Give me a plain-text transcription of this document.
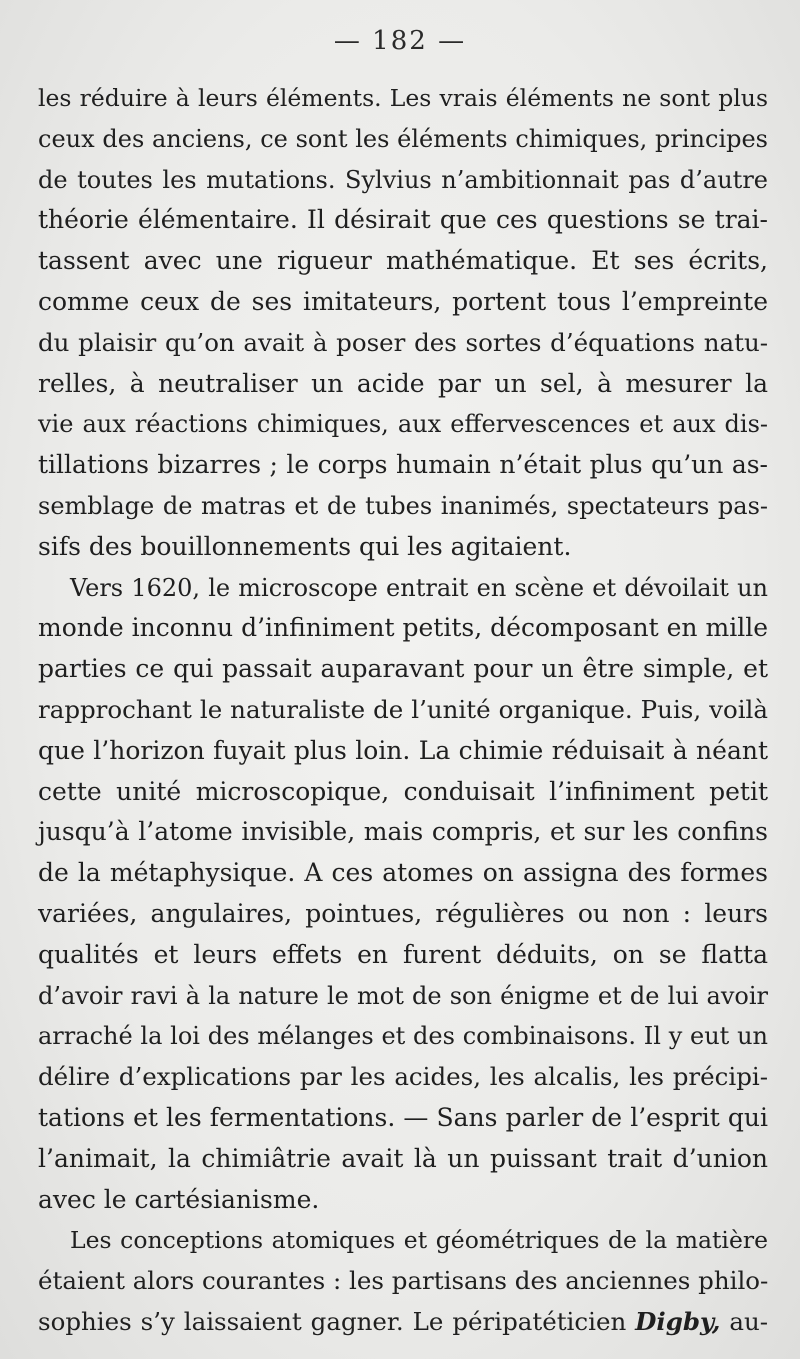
— 182 —
les réduire à leurs éléments. Les vrais éléments ne sont plus
ceux des anciens, ce sont les éléments chimiques, principes
de toutes les mutations. Sylvius n’ambitionnait pas d’autre
théorie élémentaire. Il désirait que ces questions se trai-
tassent avec une rigueur mathématique. Et ses écrits,
comme ceux de ses imitateurs, portent tous l’empreinte
du plaisir qu’on avait à poser des sortes d’équations natu-
relles, à neutraliser un acide par un sel, à mesurer la
vie aux réactions chimiques, aux effervescences et aux dis-
tillations bizarres ; le corps humain n’était plus qu’un as-
semblage de matras et de tubes inanimés, spectateurs pas-
sifs des bouillonnements qui les agitaient.
Vers 1620, le microscope entrait en scène et dévoilait un
monde inconnu d’infiniment petits, décomposant en mille
parties ce qui passait auparavant pour un être simple, et
rapprochant le naturaliste de l’unité organique. Puis, voilà
que l’horizon fuyait plus loin. La chimie réduisait à néant
cette unité microscopique, conduisait l’infiniment petit
jusqu’à l’atome invisible, mais compris, et sur les confins
de la métaphysique. A ces atomes on assigna des formes
variées, angulaires, pointues, régulières ou non : leurs
qualités et leurs effets en furent déduits, on se flatta
d’avoir ravi à la nature le mot de son énigme et de lui avoir
arraché la loi des mélanges et des combinaisons. Il y eut un
délire d’explications par les acides, les alcalis, les précipi-
tations et les fermentations. — Sans parler de l’esprit qui
l’animait, la chimiâtrie avait là un puissant trait d’union
avec le cartésianisme.
Les conceptions atomiques et géométriques de la matière
étaient alors courantes : les partisans des anciennes philo-
sophies s’y laissaient gagner. Le péripatéticien Digby, au-
